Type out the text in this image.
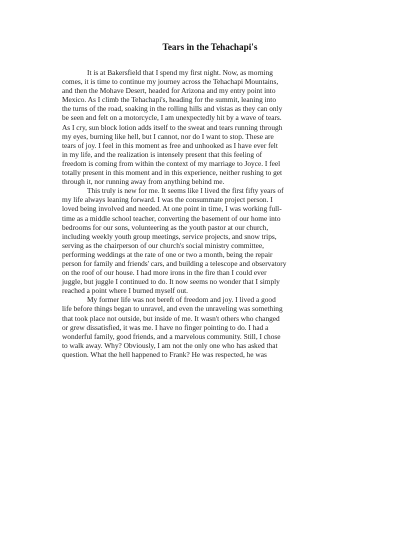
Tears in the Tehachapi's
It is at Bakersfield that I spend my first night. Now, as morning
comes, it is time to continue my journey across the Tehachapi Mountains,
and then the Mohave Desert, headed for Arizona and my entry point into
Mexico. As I climb the Tehachapi's, heading for the summit, leaning into
the turns of the road, soaking in the rolling hills and vistas as they can only
be seen and felt on a motorcycle, I am unexpectedly hit by a wave of tears.
As I cry, sun block lotion adds itself to the sweat and tears running through
my eyes, burning like hell, but I cannot, nor do I want to stop. These are
tears of joy. I feel in this moment as free and unhooked as I have ever felt
in my life, and the realization is intensely present that this feeling of
freedom is coming from within the context of my marriage to Joyce. I feel
totally present in this moment and in this experience, neither rushing to get
through it, nor running away from anything behind me.
This truly is new for me. It seems like I lived the first fifty years of
my life always leaning forward. I was the consummate project person. I
loved being involved and needed. At one point in time, I was working full-
time as a middle school teacher, converting the basement of our home into
bedrooms for our sons, volunteering as the youth pastor at our church,
including weekly youth group meetings, service projects, and snow trips,
serving as the chairperson of our church's social ministry committee,
performing weddings at the rate of one or two a month, being the repair
person for family and friends' cars, and building a telescope and observatory
on the roof of our house. I had more irons in the fire than I could ever
juggle, but juggle I continued to do. It now seems no wonder that I simply
reached a point where I burned myself out.
My former life was not bereft of freedom and joy. I lived a good
life before things began to unravel, and even the unraveling was something
that took place not outside, but inside of me. It wasn't others who changed
or grew dissatisfied, it was me. I have no finger pointing to do. I had a
wonderful family, good friends, and a marvelous community. Still, I chose
to walk away. Why? Obviously, I am not the only one who has asked that
question. What the hell happened to Frank? He was respected, he was
